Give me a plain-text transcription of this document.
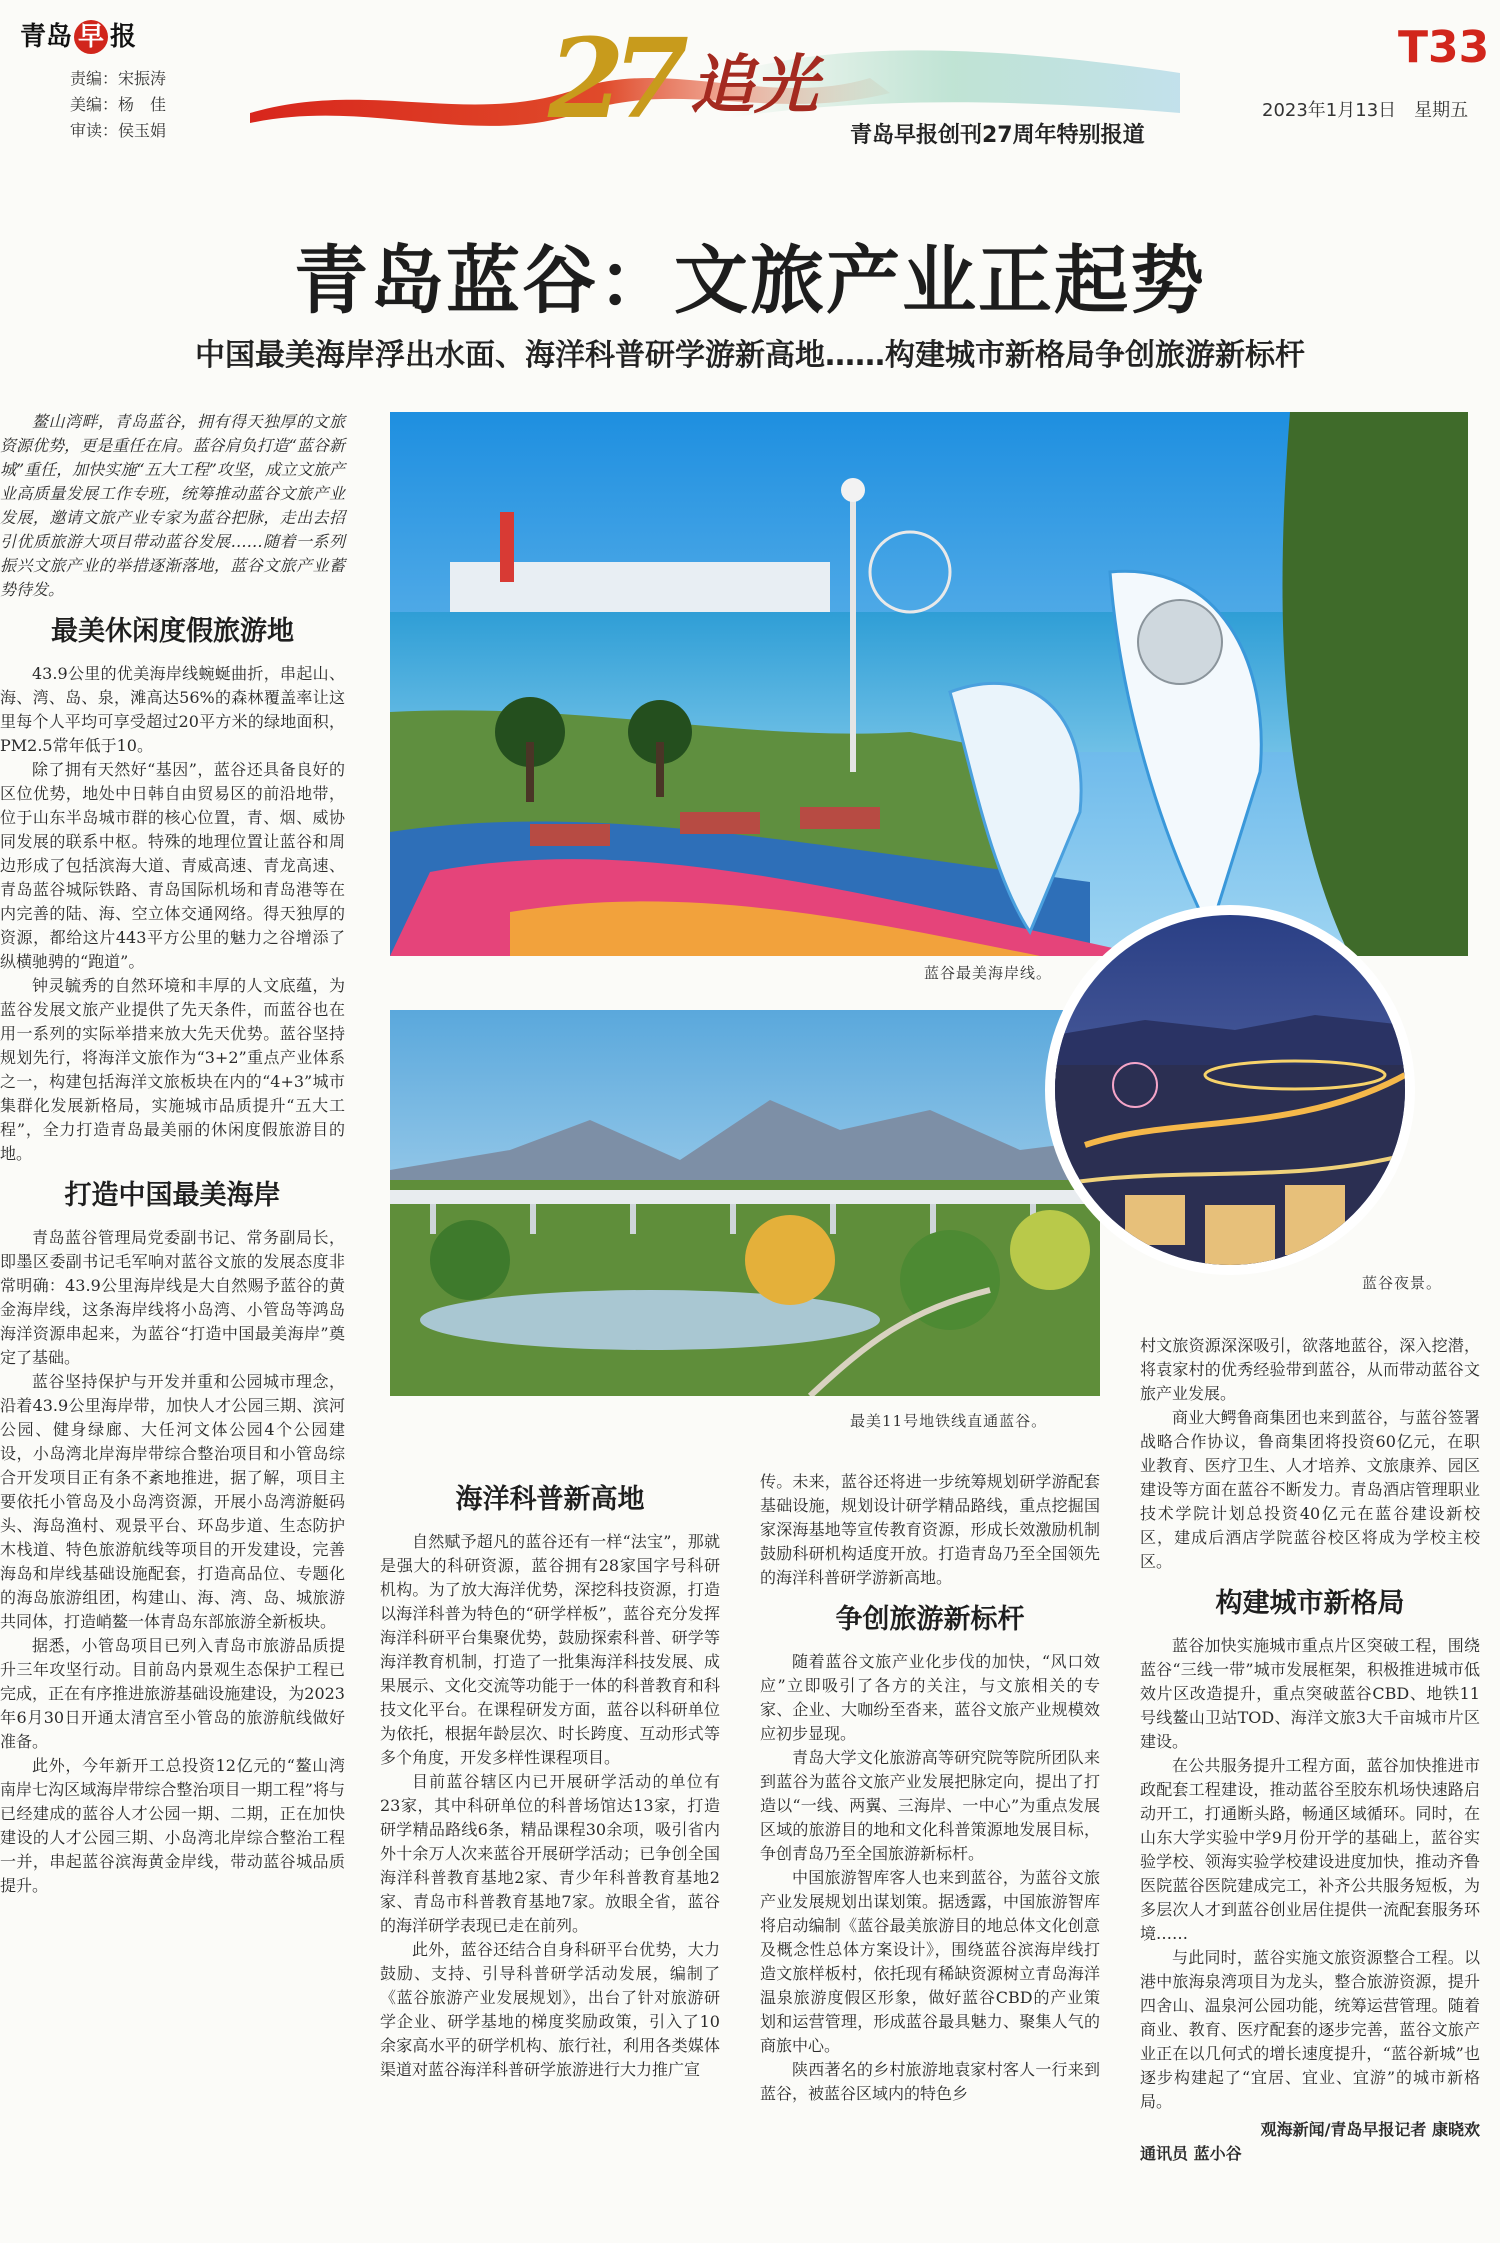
青岛 早 报
责编：宋振涛
美编：杨　佳
审读：侯玉娟	27 追光
青岛早报创刊27周年特别报道
T33
2023年1月13日　星期五
青岛蓝谷：文旅产业正起势
中国最美海岸浮出水面、海洋科普研学游新高地……构建城市新格局争创旅游新标杆

鳌山湾畔，青岛蓝谷，拥有得天独厚的文旅资源优势，更是重任在肩。蓝谷肩负打造“蓝谷新城”重任，加快实施“五大工程”攻坚，成立文旅产业高质量发展工作专班，统筹推动蓝谷文旅产业发展，邀请文旅产业专家为蓝谷把脉，走出去招引优质旅游大项目带动蓝谷发展……随着一系列振兴文旅产业的举措逐渐落地，蓝谷文旅产业蓄势待发。

最美休闲度假旅游地

43.9公里的优美海岸线蜿蜒曲折，串起山、海、湾、岛、泉，滩高达56%的森林覆盖率让这里每个人平均可享受超过20平方米的绿地面积，PM2.5常年低于10。

除了拥有天然好“基因”，蓝谷还具备良好的区位优势，地处中日韩自由贸易区的前沿地带，位于山东半岛城市群的核心位置，青、烟、威协同发展的联系中枢。特殊的地理位置让蓝谷和周边形成了包括滨海大道、青威高速、青龙高速、青岛蓝谷城际铁路、青岛国际机场和青岛港等在内完善的陆、海、空立体交通网络。得天独厚的资源，都给这片443平方公里的魅力之谷增添了纵横驰骋的“跑道”。

钟灵毓秀的自然环境和丰厚的人文底蕴，为蓝谷发展文旅产业提供了先天条件，而蓝谷也在用一系列的实际举措来放大先天优势。蓝谷坚持规划先行，将海洋文旅作为“3+2”重点产业体系之一，构建包括海洋文旅板块在内的“4+3”城市集群化发展新格局，实施城市品质提升“五大工程”，全力打造青岛最美丽的休闲度假旅游目的地。

打造中国最美海岸

青岛蓝谷管理局党委副书记、常务副局长，即墨区委副书记毛军响对蓝谷文旅的发展态度非常明确：43.9公里海岸线是大自然赐予蓝谷的黄金海岸线，这条海岸线将小岛湾、小管岛等鸿岛海洋资源串起来，为蓝谷“打造中国最美海岸”奠定了基础。

蓝谷坚持保护与开发并重和公园城市理念，沿着43.9公里海岸带，加快人才公园三期、滨河公园、健身绿廊、大任河文体公园4个公园建设，小岛湾北岸海岸带综合整治项目和小管岛综合开发项目正有条不紊地推进，据了解，项目主要依托小管岛及小岛湾资源，开展小岛湾游艇码头、海岛渔村、观景平台、环岛步道、生态防护木栈道、特色旅游航线等项目的开发建设，完善海岛和岸线基础设施配套，打造高品位、专题化的海岛旅游组团，构建山、海、湾、岛、城旅游共同体，打造峭鳌一体青岛东部旅游全新板块。

据悉，小管岛项目已列入青岛市旅游品质提升三年攻坚行动。目前岛内景观生态保护工程已完成，正在有序推进旅游基础设施建设，为2023年6月30日开通太清宫至小管岛的旅游航线做好准备。

此外，今年新开工总投资12亿元的“鳌山湾南岸七沟区域海岸带综合整治项目一期工程”将与已经建成的蓝谷人才公园一期、二期，正在加快建设的人才公园三期、小岛湾北岸综合整治工程一并，串起蓝谷滨海黄金岸线，带动蓝谷城品质提升。

蓝谷最美海岸线。
最美11号地铁线直通蓝谷。
蓝谷夜景。
海洋科普新高地

自然赋予超凡的蓝谷还有一样“法宝”，那就是强大的科研资源，蓝谷拥有28家国字号科研机构。为了放大海洋优势，深挖科技资源，打造以海洋科普为特色的“研学样板”，蓝谷充分发挥海洋科研平台集聚优势，鼓励探索科普、研学等海洋教育机制，打造了一批集海洋科技发展、成果展示、文化交流等功能于一体的科普教育和科技文化平台。在课程研发方面，蓝谷以科研单位为依托，根据年龄层次、时长跨度、互动形式等多个角度，开发多样性课程项目。

目前蓝谷辖区内已开展研学活动的单位有23家，其中科研单位的科普场馆达13家，打造研学精品路线6条，精品课程30余项，吸引省内外十余万人次来蓝谷开展研学活动；已争创全国海洋科普教育基地2家、青少年科普教育基地2家、青岛市科普教育基地7家。放眼全省，蓝谷的海洋研学表现已走在前列。

此外，蓝谷还结合自身科研平台优势，大力鼓励、支持、引导科普研学活动发展，编制了《蓝谷旅游产业发展规划》，出台了针对旅游研学企业、研学基地的梯度奖励政策，引入了10余家高水平的研学机构、旅行社，利用各类媒体渠道对蓝谷海洋科普研学旅游进行大力推广宣

传。未来，蓝谷还将进一步统筹规划研学游配套基础设施，规划设计研学精品路线，重点挖掘国家深海基地等宣传教育资源，形成长效激励机制鼓励科研机构适度开放。打造青岛乃至全国领先的海洋科普研学游新高地。

争创旅游新标杆

随着蓝谷文旅产业化步伐的加快，“风口效应”立即吸引了各方的关注，与文旅相关的专家、企业、大咖纷至沓来，蓝谷文旅产业规模效应初步显现。

青岛大学文化旅游高等研究院等院所团队来到蓝谷为蓝谷文旅产业发展把脉定向，提出了打造以“一线、两翼、三海岸、一中心”为重点发展区域的旅游目的地和文化科普策源地发展目标，争创青岛乃至全国旅游新标杆。

中国旅游智库客人也来到蓝谷，为蓝谷文旅产业发展规划出谋划策。据透露，中国旅游智库将启动编制《蓝谷最美旅游目的地总体文化创意及概念性总体方案设计》，围绕蓝谷滨海岸线打造文旅样板村，依托现有稀缺资源树立青岛海洋温泉旅游度假区形象，做好蓝谷CBD的产业策划和运营管理，形成蓝谷最具魅力、聚集人气的商旅中心。

陕西著名的乡村旅游地袁家村客人一行来到蓝谷，被蓝谷区域内的特色乡

村文旅资源深深吸引，欲落地蓝谷，深入挖潜，将袁家村的优秀经验带到蓝谷，从而带动蓝谷文旅产业发展。

商业大鳄鲁商集团也来到蓝谷，与蓝谷签署战略合作协议，鲁商集团将投资60亿元，在职业教育、医疗卫生、人才培养、文旅康养、园区建设等方面在蓝谷不断发力。青岛酒店管理职业技术学院计划总投资40亿元在蓝谷建设新校区，建成后酒店学院蓝谷校区将成为学校主校区。

构建城市新格局

蓝谷加快实施城市重点片区突破工程，围绕蓝谷“三线一带”城市发展框架，积极推进城市低效片区改造提升，重点突破蓝谷CBD、地铁11号线鳌山卫站TOD、海洋文旅3大千亩城市片区建设。

在公共服务提升工程方面，蓝谷加快推进市政配套工程建设，推动蓝谷至胶东机场快速路启动开工，打通断头路，畅通区域循环。同时，在山东大学实验中学9月份开学的基础上，蓝谷实验学校、领海实验学校建设进度加快，推动齐鲁医院蓝谷医院建成完工，补齐公共服务短板，为多层次人才到蓝谷创业居住提供一流配套服务环境……

与此同时，蓝谷实施文旅资源整合工程。以港中旅海泉湾项目为龙头，整合旅游资源，提升四舍山、温泉河公园功能，统筹运营管理。随着商业、教育、医疗配套的逐步完善，蓝谷文旅产业正在以几何式的增长速度提升，“蓝谷新城”也逐步构建起了“宜居、宜业、宜游”的城市新格局。

观海新闻/青岛早报记者 康晓欢
通讯员 蓝小谷
